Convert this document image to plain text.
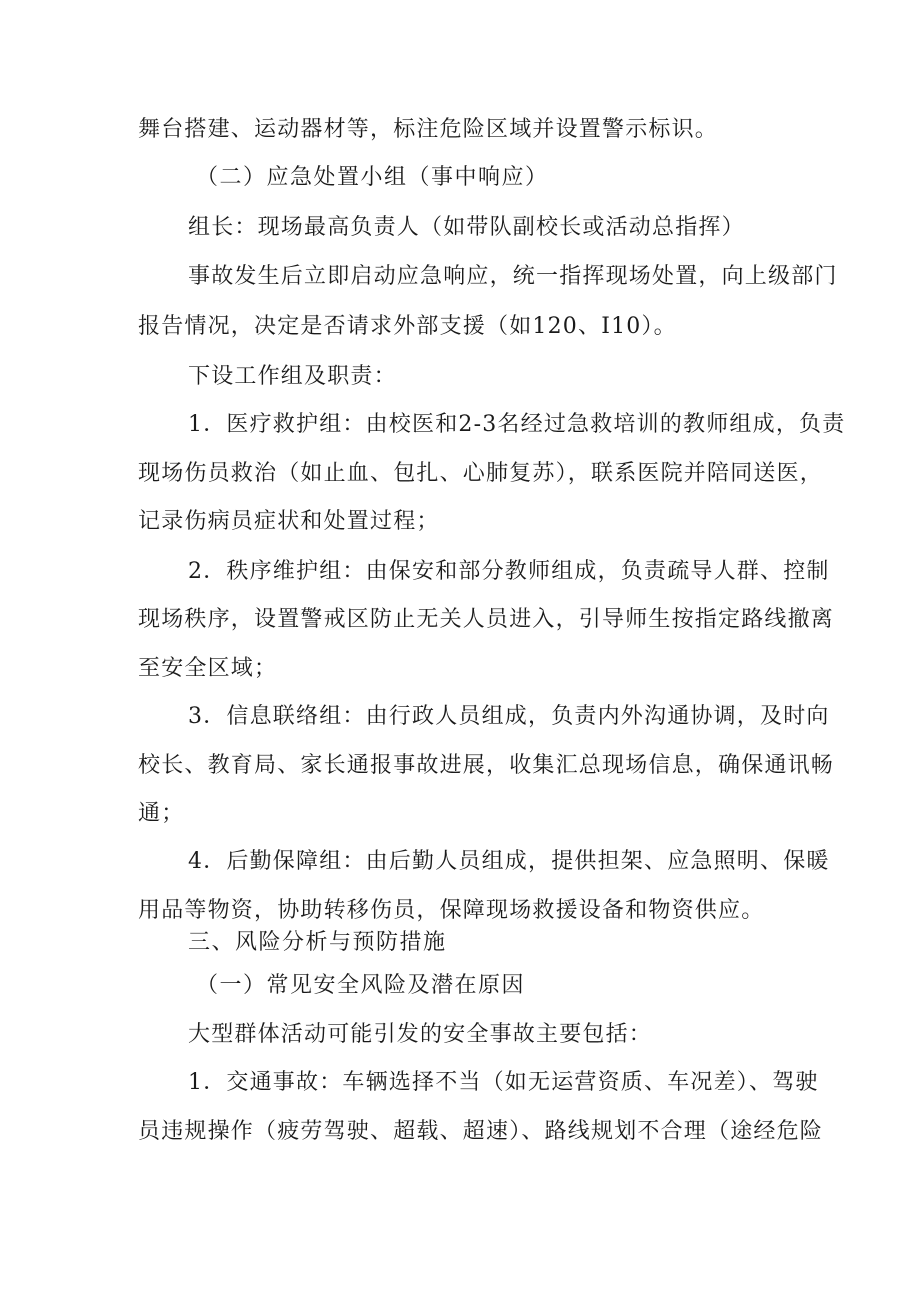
舞台搭建、运动器材等，标注危险区域并设置警示标识。
（二）应急处置小组（事中响应）
组长：现场最高负责人（如带队副校长或活动总指挥）
事故发生后立即启动应急响应，统一指挥现场处置，向上级部门
报告情况，决定是否请求外部支援（如120、I10）。
下设工作组及职责：
1．医疗救护组：由校医和2-3名经过急救培训的教师组成，负责
现场伤员救治（如止血、包扎、心肺复苏），联系医院并陪同送医，
记录伤病员症状和处置过程；
2．秩序维护组：由保安和部分教师组成，负责疏导人群、控制
现场秩序，设置警戒区防止无关人员进入，引导师生按指定路线撤离
至安全区域；
3．信息联络组：由行政人员组成，负责内外沟通协调，及时向
校长、教育局、家长通报事故进展，收集汇总现场信息，确保通讯畅
通；
4．后勤保障组：由后勤人员组成，提供担架、应急照明、保暖
用品等物资，协助转移伤员，保障现场救援设备和物资供应。
三、风险分析与预防措施
（一）常见安全风险及潜在原因
大型群体活动可能引发的安全事故主要包括：
1．交通事故：车辆选择不当（如无运营资质、车况差）、驾驶
员违规操作（疲劳驾驶、超载、超速）、路线规划不合理（途经危险
